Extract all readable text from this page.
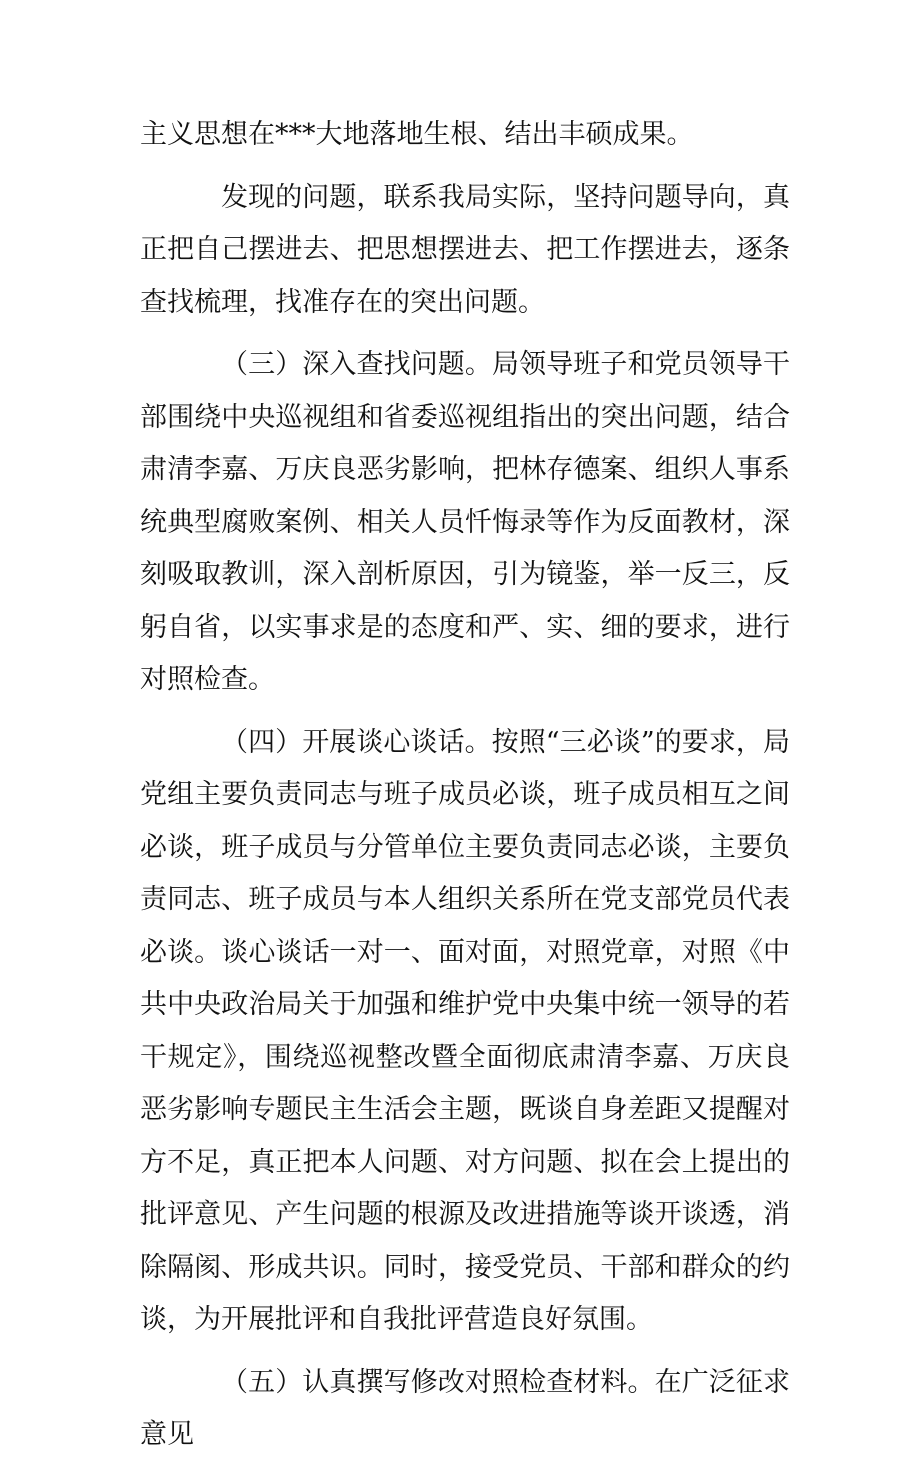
主义思想在***大地落地生根、结出丰硕成果。

发现的问题，联系我局实际，坚持问题导向，真正把自己摆进去、把思想摆进去、把工作摆进去，逐条查找梳理，找准存在的突出问题。

（三）深入查找问题。局领导班子和党员领导干部围绕中央巡视组和省委巡视组指出的突出问题，结合肃清李嘉、万庆良恶劣影响，把林存德案、组织人事系统典型腐败案例、相关人员忏悔录等作为反面教材，深刻吸取教训，深入剖析原因，引为镜鉴，举一反三，反躬自省，以实事求是的态度和严、实、细的要求，进行对照检查。

（四）开展谈心谈话。按照“三必谈”的要求，局党组主要负责同志与班子成员必谈，班子成员相互之间必谈，班子成员与分管单位主要负责同志必谈，主要负责同志、班子成员与本人组织关系所在党支部党员代表必谈。谈心谈话一对一、面对面，对照党章，对照《中共中央政治局关于加强和维护党中央集中统一领导的若干规定》，围绕巡视整改暨全面彻底肃清李嘉、万庆良恶劣影响专题民主生活会主题，既谈自身差距又提醒对方不足，真正把本人问题、对方问题、拟在会上提出的批评意见、产生问题的根源及改进措施等谈开谈透，消除隔阂、形成共识。同时，接受党员、干部和群众的约谈，为开展批评和自我批评营造良好氛围。

（五）认真撰写修改对照检查材料。在广泛征求意见
